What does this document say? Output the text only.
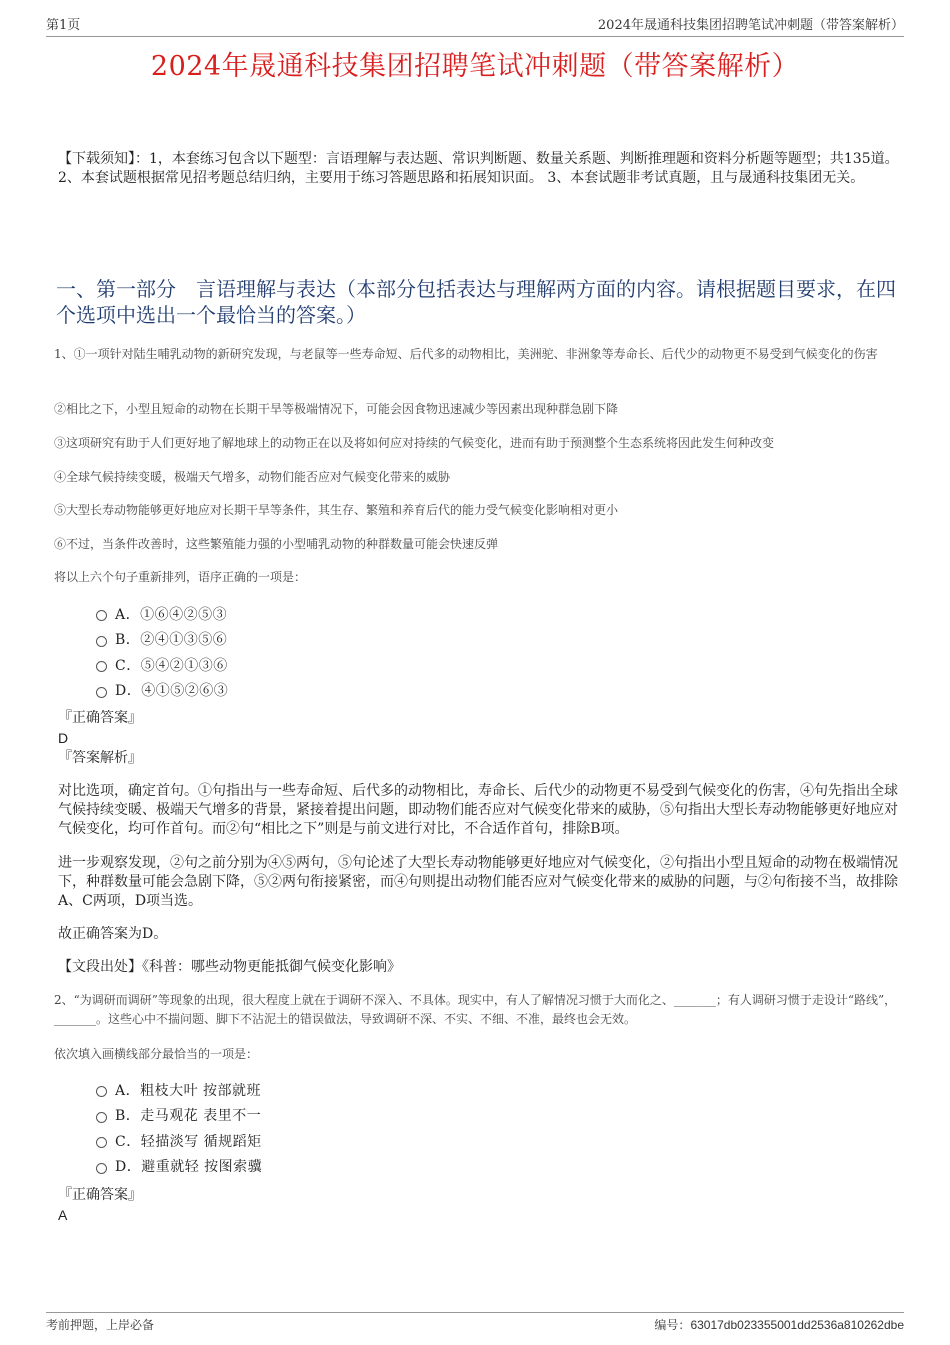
第1页	2024年晟通科技集团招聘笔试冲刺题（带答案解析）
2024年晟通科技集团招聘笔试冲刺题（带答案解析）
【下载须知】：1，本套练习包含以下题型：言语理解与表达题、常识判断题、数量关系题、判断推理题和资料分析题等题型；共135道。 2、本套试题根据常见招考题总结归纳，主要用于练习答题思路和拓展知识面。 3、本套试题非考试真题，且与晟通科技集团无关。
一、第一部分　言语理解与表达（本部分包括表达与理解两方面的内容。请根据题目要求，在四个选项中选出一个最恰当的答案。）
1、①一项针对陆生哺乳动物的新研究发现，与老鼠等一些寿命短、后代多的动物相比，美洲驼、非洲象等寿命长、后代少的动物更不易受到气候变化的伤害
②相比之下，小型且短命的动物在长期干旱等极端情况下，可能会因食物迅速减少等因素出现种群急剧下降
③这项研究有助于人们更好地了解地球上的动物正在以及将如何应对持续的气候变化，进而有助于预测整个生态系统将因此发生何种改变
④全球气候持续变暖，极端天气增多，动物们能否应对气候变化带来的威胁
⑤大型长寿动物能够更好地应对长期干旱等条件，其生存、繁殖和养育后代的能力受气候变化影响相对更小
⑥不过，当条件改善时，这些繁殖能力强的小型哺乳动物的种群数量可能会快速反弹
将以上六个句子重新排列，语序正确的一项是：
A．①⑥④②⑤③
B．②④①③⑤⑥
C．⑤④②①③⑥
D．④①⑤②⑥③
『正确答案』
D
『答案解析』
对比选项，确定首句。①句指出与一些寿命短、后代多的动物相比，寿命长、后代少的动物更不易受到气候变化的伤害，④句先指出全球气候持续变暖、极端天气增多的背景，紧接着提出问题，即动物们能否应对气候变化带来的威胁，⑤句指出大型长寿动物能够更好地应对气候变化，均可作首句。而②句“相比之下”则是与前文进行对比，不合适作首句，排除B项。
进一步观察发现，②句之前分别为④⑤两句，⑤句论述了大型长寿动物能够更好地应对气候变化，②句指出小型且短命的动物在极端情况下，种群数量可能会急剧下降，⑤②两句衔接紧密，而④句则提出动物们能否应对气候变化带来的威胁的问题，与②句衔接不当，故排除A、C两项，D项当选。
故正确答案为D。
【文段出处】《科普：哪些动物更能抵御气候变化影响》
2、“为调研而调研”等现象的出现，很大程度上就在于调研不深入、不具体。现实中，有人了解情况习惯于大而化之、_______；有人调研习惯于走设计“路线”，_______。这些心中不揣问题、脚下不沾泥土的错误做法，导致调研不深、不实、不细、不准，最终也会无效。
依次填入画横线部分最恰当的一项是：
A．粗枝大叶 按部就班
B．走马观花 表里不一
C．轻描淡写 循规蹈矩
D．避重就轻 按图索骥
『正确答案』
A
考前押题，上岸必备	编号：63017db023355001dd2536a810262dbe
